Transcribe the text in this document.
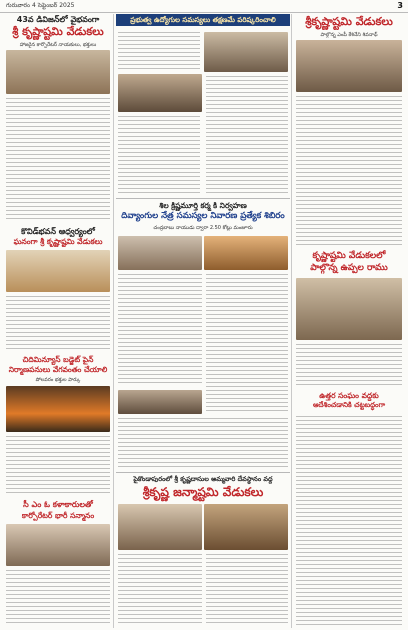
గురువారం 4 సెప్టెంబర్ 2025	3
43వ డివిజన్‌లో వైభవంగా
శ్రీ కృష్ణాష్టమి వేడుకలు
హాజరైన కార్పొరేటర్ నాయకులు, భక్తులు
కొవిడ్‌భవన్ ఆధ్వర్యంలో
ఘనంగా శ్రీ కృష్ణాష్టమి వేడుకలు
చిదిమిన్యూస్ బడ్జెట్ పైన్
నిర్మాణపనులు వేగవంతం చేయాలి
పోలవరం భక్తుల పార్కు
సీ ఎం ఓ కళాకారులతో
కార్పోరేటర్ భారీ సన్మానం
ప్రభుత్వ ఉద్యోగుల సమస్యలు తక్షణమే పరిష్కరించాలి
శిల క్రిష్ణమూర్తి కర్మ కి నిర్వహణ
దివ్యాంగుల నేత్ర సమస్యల నివారణ ప్రత్యేక శిబిరం
చంద్రబాబు నాయుడు ద్వారా 2.50 కోట్లు మంజూరు
పైకొండాపురంలో శ్రీ కృష్ణదాసుల అమ్మవారి దేవస్థానం వద్ద
శ్రీకృష్ణ జన్మాష్టమి వేడుకలు
శ్రీకృష్ణాష్టమి వేడుకలు
పాల్గొన్న ఎంపీ కేశినేని శివనాథ్
కృష్ణాష్టమి వేడుకలలో
పాల్గొన్న ఉప్పల రాము
ఉత్తర సంఘం వద్దకు
ఆదేశించడానికి చట్టబద్ధంగా
